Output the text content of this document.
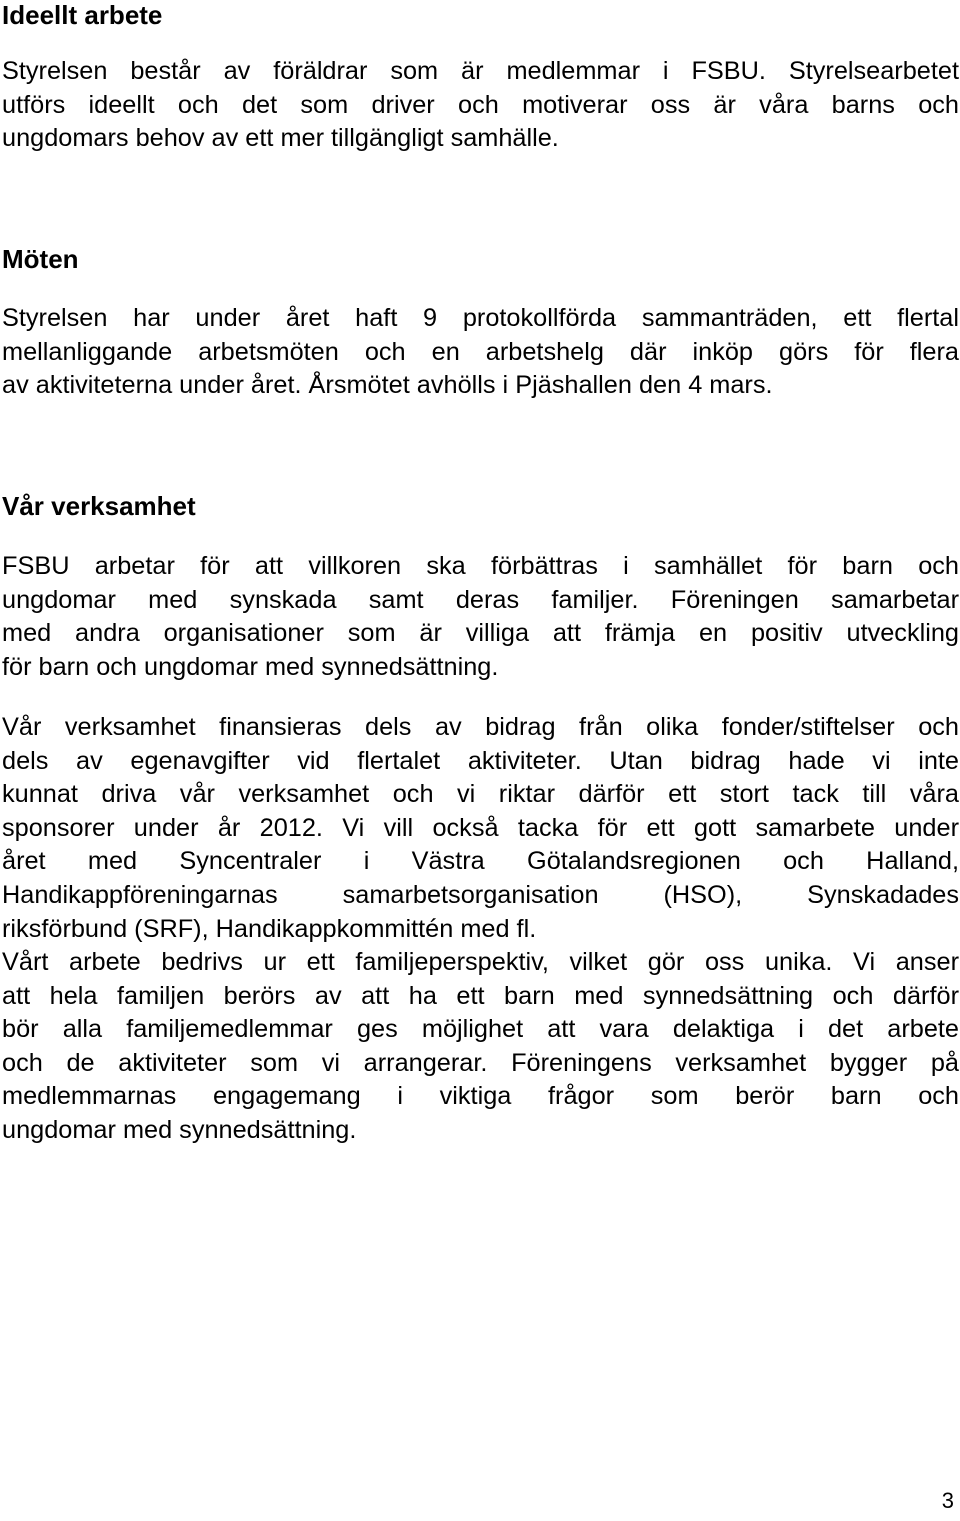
Ideellt arbete

Styrelsen består av föräldrar som är medlemmar i FSBU. Styrelsearbetet
utförs ideellt och det som driver och motiverar oss är våra barns och
ungdomars behov av ett mer tillgängligt samhälle.

Möten

Styrelsen har under året haft 9 protokollförda sammanträden, ett flertal
mellanliggande arbetsmöten och en arbetshelg där inköp görs för flera
av aktiviteterna under året. Årsmötet avhölls i Pjäshallen den 4 mars.

Vår verksamhet

FSBU arbetar för att villkoren ska förbättras i samhället för barn och
ungdomar med synskada samt deras familjer. Föreningen samarbetar
med andra organisationer som är villiga att främja en positiv utveckling
för barn och ungdomar med synnedsättning.

Vår verksamhet finansieras dels av bidrag från olika fonder/stiftelser och
dels av egenavgifter vid flertalet aktiviteter. Utan bidrag hade vi inte
kunnat driva vår verksamhet och vi riktar därför ett stort tack till våra
sponsorer under år 2012. Vi vill också tacka för ett gott samarbete under
året med Syncentraler i Västra Götalandsregionen och Halland,
Handikappföreningarnas samarbetsorganisation (HSO), Synskadades
riksförbund (SRF), Handikappkommittén med fl.

Vårt arbete bedrivs ur ett familjeperspektiv, vilket gör oss unika. Vi anser
att hela familjen berörs av att ha ett barn med synnedsättning och därför
bör alla familjemedlemmar ges möjlighet att vara delaktiga i det arbete
och de aktiviteter som vi arrangerar. Föreningens verksamhet bygger på
medlemmarnas engagemang i viktiga frågor som berör barn och
ungdomar med synnedsättning.

3
